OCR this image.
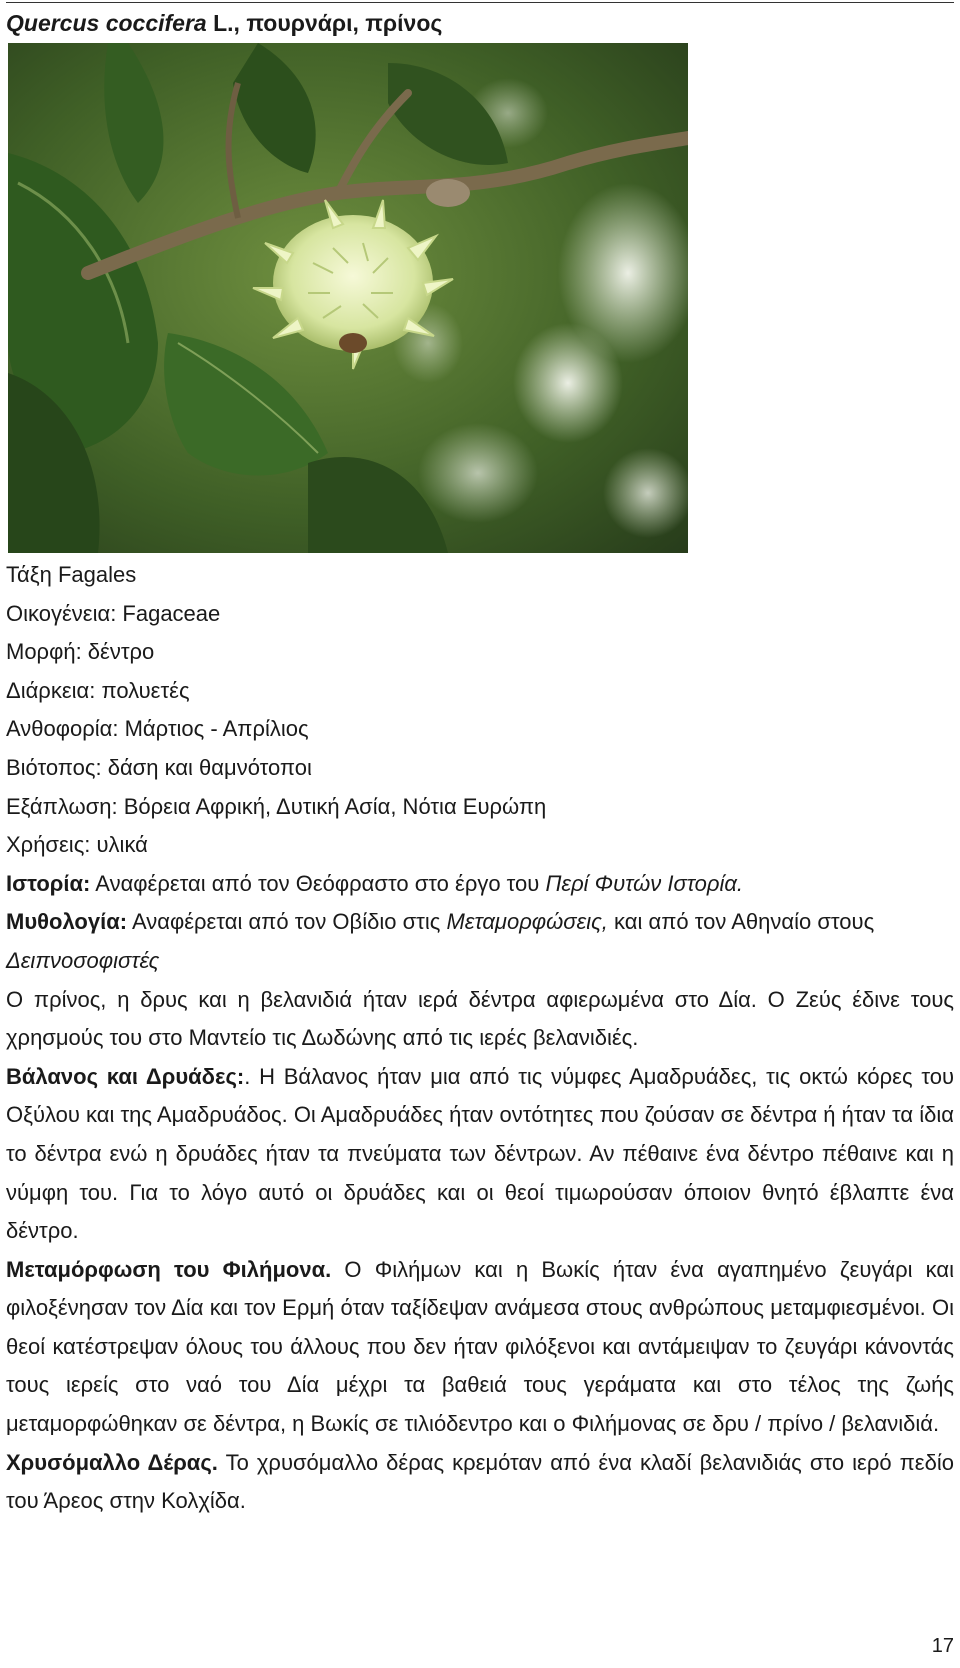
Quercus coccifera L., πουρνάρι, πρίνος

Τάξη Fagales

Οικογένεια: Fagaceae

Μορφή: δέντρο

Διάρκεια: πολυετές

Ανθοφορία: Μάρτιος - Απρίλιος

Βιότοπος: δάση και θαμνότοποι

Εξάπλωση: Βόρεια Αφρική, Δυτική Ασία, Νότια Ευρώπη

Χρήσεις: υλικά

Ιστορία: Αναφέρεται από τον Θεόφραστο στο έργο του Περί Φυτών Ιστορία.

Μυθολογία: Αναφέρεται από τον Οβίδιο στις Μεταμορφώσεις, και από τον Αθηναίο στους Δειπνοσοφιστές

Ο πρίνος, η δρυς και η βελανιδιά ήταν ιερά δέντρα αφιερωμένα στο Δία. Ο Ζεύς έδινε τους χρησμούς του στο Μαντείο τις Δωδώνης από τις ιερές βελανιδιές.

Βάλανος και Δρυάδες:. Η Βάλανος ήταν μια από τις νύμφες Αμαδρυάδες, τις οκτώ κόρες του Οξύλου και της Αμαδρυάδος. Οι Αμαδρυάδες ήταν οντότητες που ζούσαν σε δέντρα ή ήταν τα ίδια το δέντρα ενώ η δρυάδες ήταν τα πνεύματα των δέντρων. Αν πέθαινε ένα δέντρο πέθαινε και η νύμφη του. Για το λόγο αυτό οι δρυάδες και οι θεοί τιμωρούσαν όποιον θνητό έβλαπτε ένα δέντρο.

Μεταμόρφωση του Φιλήμονα. Ο Φιλήμων και η Βωκίς ήταν ένα αγαπημένο ζευγάρι και φιλοξένησαν τον Δία και τον Ερμή όταν ταξίδεψαν ανάμεσα στους ανθρώπους μεταμφιεσμένοι. Οι θεοί κατέστρεψαν όλους του άλλους που δεν ήταν φιλόξενοι και αντάμειψαν το ζευγάρι κάνοντάς τους ιερείς στο ναό του Δία μέχρι τα βαθειά τους γεράματα και στο τέλος της ζωής μεταμορφώθηκαν σε δέντρα, η Βωκίς σε τιλιόδεντρο και ο Φιλήμονας σε δρυ / πρίνο / βελανιδιά.

Χρυσόμαλλο Δέρας. Το χρυσόμαλλο δέρας κρεμόταν από ένα κλαδί βελανιδιάς στο ιερό πεδίο του Άρεος στην Κολχίδα.

17
